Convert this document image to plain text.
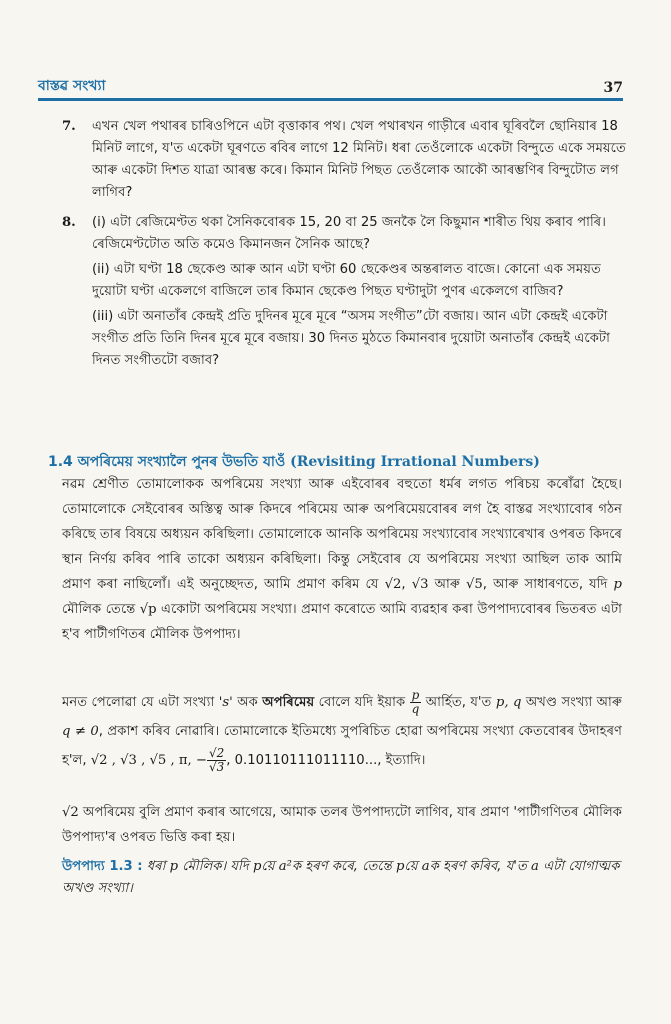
বাস্তৱ সংখ্যা	37
7. এখন খেল পথাৰৰ চাৰিওপিনে এটা বৃত্তাকাৰ পথ। খেল পথাৰখন গাড়ীৰে এবাৰ ঘূৰিবলৈ ছোনিয়াৰ 18 মিনিট লাগে, য'ত একেটা ঘূৰণতে ৰবিৰ লাগে 12 মিনিট। ধৰা তেওঁলোকে একেটা বিন্দুতে একে সময়তে আৰু একেটা দিশত যাত্ৰা আৰম্ভ কৰে। কিমান মিনিট পিছত তেওঁলোক আকৌ আৰম্ভণিৰ বিন্দুটোত লগ লাগিব?

8. (i) এটা ৰেজিমেণ্টত থকা সৈনিকবোৰক 15, 20 বা 25 জনকৈ লৈ কিছুমান শাৰীত থিয় কৰাব পাৰি। ৰেজিমেণ্টটোত অতি কমেও কিমানজন সৈনিক আছে?

(ii) এটা ঘণ্টা 18 ছেকেণ্ড আৰু আন এটা ঘণ্টা 60 ছেকেণ্ডৰ অন্তৰালত বাজে। কোনো এক সময়ত দুয়োটা ঘণ্টা একেলগে বাজিলে তাৰ কিমান ছেকেণ্ড পিছত ঘণ্টাদুটা পুণৰ একেলগে বাজিব?

(iii) এটা অনাতাঁৰ কেন্দ্ৰই প্ৰতি দুদিনৰ মূৰে মূৰে “অসম সংগীত”টো বজায়। আন এটা কেন্দ্ৰই একেটা সংগীত প্ৰতি তিনি দিনৰ মূৰে মূৰে বজায়। 30 দিনত মুঠতে কিমানবাৰ দুয়োটা অনাতাঁৰ কেন্দ্ৰই একেটা দিনত সংগীতটো বজাব?

1.4 অপৰিমেয় সংখ্যালৈ পুনৰ উভতি যাওঁ (Revisiting Irrational Numbers)

নৱম শ্ৰেণীত তোমালোকক অপৰিমেয় সংখ্যা আৰু এইবোৰৰ বহুতো ধৰ্মৰ লগত পৰিচয় কৰোঁৱা হৈছে। তোমালোকে সেইবোৰৰ অস্তিত্ব আৰু কিদৰে পৰিমেয় আৰু অপৰিমেয়বোৰৰ লগ হৈ বাস্তৱ সংখ্যাবোৰ গঠন কৰিছে তাৰ বিষয়ে অধ্যয়ন কৰিছিলা। তোমালোকে আনকি অপৰিমেয় সংখ্যাবোৰ সংখ্যাৰেখাৰ ওপৰত কিদৰে স্থান নিৰ্ণয় কৰিব পাৰি তাকো অধ্যয়ন কৰিছিলা। কিন্তু সেইবোৰ যে অপৰিমেয় সংখ্যা আছিল তাক আমি প্ৰমাণ কৰা নাছিলোঁ। এই অনুচ্ছেদত, আমি প্ৰমাণ কৰিম যে √2, √3 আৰু √5, আৰু সাধাৰণতে, যদি p মৌলিক তেন্তে √p একোটা অপৰিমেয় সংখ্যা। প্ৰমাণ কৰোতে আমি ব্যৱহাৰ কৰা উপপাদ্যবোৰৰ ভিতৰত এটা হ'ব পাটীগণিতৰ মৌলিক উপপাদ্য।

মনত পেলোৱা যে এটা সংখ্যা 's' অক অপৰিমেয় বোলে যদি ইয়াক $\frac{p}{q}$ আৰ্হিত, য'ত p, q অখণ্ড সংখ্যা আৰু q ≠ 0, প্ৰকাশ কৰিব নোৱাৰি। তোমালোকে ইতিমধ্যে সুপৰিচিত হোৱা অপৰিমেয় সংখ্যা কেতবোৰৰ উদাহৰণ হ'ল, √2 , √3 , √5 , π, − $\frac{√2}{√3}$ , 0.10110111011110..., ইত্যাদি।

√2 অপৰিমেয় বুলি প্ৰমাণ কৰাৰ আগেয়ে, আমাক তলৰ উপপাদ্যটো লাগিব, যাৰ প্ৰমাণ 'পাটীগণিতৰ মৌলিক উপপাদ্য'ৰ ওপৰত ভিত্তি কৰা হয়।

উপপাদ্য 1.3 : ধৰা p মৌলিক। যদি pয়ে a²ক হৰণ কৰে, তেন্তে pয়ে aক হৰণ কৰিব, য'ত a এটা যোগাত্মক অখণ্ড সংখ্যা।
